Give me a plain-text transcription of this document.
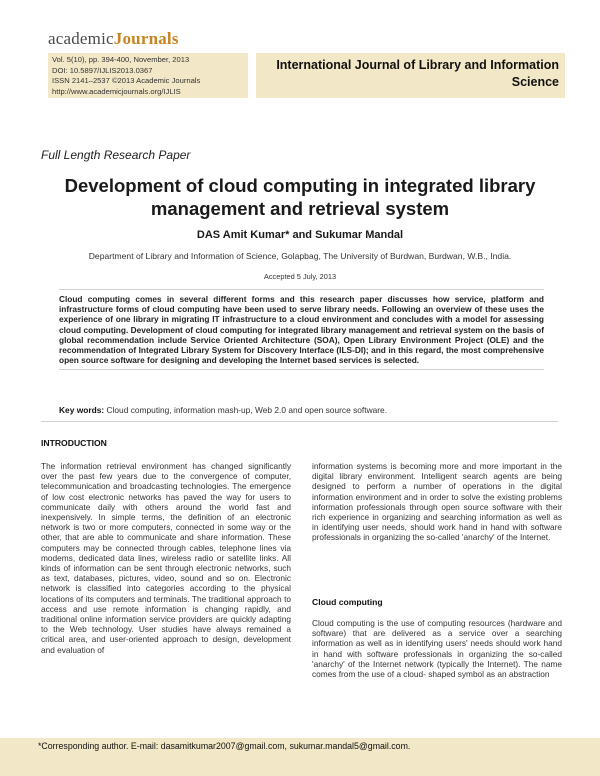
academicJournals
Vol. 5(10), pp. 394-400, November, 2013
DOI: 10.5897/IJLIS2013.0367
ISSN 2141–2537 ©2013 Academic Journals
http://www.academicjournals.org/IJLIS
International Journal of Library and Information Science
Full Length Research Paper
Development of cloud computing in integrated library management and retrieval system
DAS Amit Kumar* and Sukumar Mandal
Department of Library and Information of Science, Golapbag, The University of Burdwan, Burdwan, W.B., India.
Accepted 5 July, 2013
Cloud computing comes in several different forms and this research paper discusses how service, platform and infrastructure forms of cloud computing have been used to serve library needs. Following an overview of these uses the experience of one library in migrating IT infrastructure to a cloud environment and concludes with a model for assessing cloud computing. Development of cloud computing for integrated library management and retrieval system on the basis of global recommendation include Service Oriented Architecture (SOA), Open Library Environment Project (OLE) and the recommendation of Integrated Library System for Discovery Interface (ILS-DI); and in this regard, the most comprehensive open source software for designing and developing the Internet based services is selected.
Key words: Cloud computing, information mash-up, Web 2.0 and open source software.
INTRODUCTION
The information retrieval environment has changed significantly over the past few years due to the convergence of computer, telecommunication and broadcasting technologies. The emergence of low cost electronic networks has paved the way for users to communicate daily with others around the world fast and inexpensively. In simple terms, the definition of an electronic network is two or more computers, connected in some way or the other, that are able to communicate and share information. These computers may be connected through cables, telephone lines via modems, dedicated data lines, wireless radio or satellite links. All kinds of information can be sent through electronic networks, such as text, databases, pictures, video, sound and so on. Electronic network is classified into categories according to the physical locations of its computers and terminals. The traditional approach to access and use remote information is changing rapidly, and traditional online information service providers are quickly adapting to the Web technology. User studies have always remained a critical area, and user-oriented approach to design, development and evaluation of
information systems is becoming more and more important in the digital library environment. Intelligent search agents are being designed to perform a number of operations in the digital information environment and in order to solve the existing problems information professionals through open source software with their rich experience in organizing and searching information as well as in identifying user needs, should work hand in hand with software professionals in organizing the so-called 'anarchy' of the Internet.
Cloud computing
Cloud computing is the use of computing resources (hardware and software) that are delivered as a service over a searching information as well as in identifying users' needs should work hand in hand with software professionals in organizing the so-called 'anarchy' of the Internet network (typically the Internet). The name comes from the use of a cloud- shaped symbol as an abstraction
*Corresponding author. E-mail: dasamitkumar2007@gmail.com, sukumar.mandal5@gmail.com.
